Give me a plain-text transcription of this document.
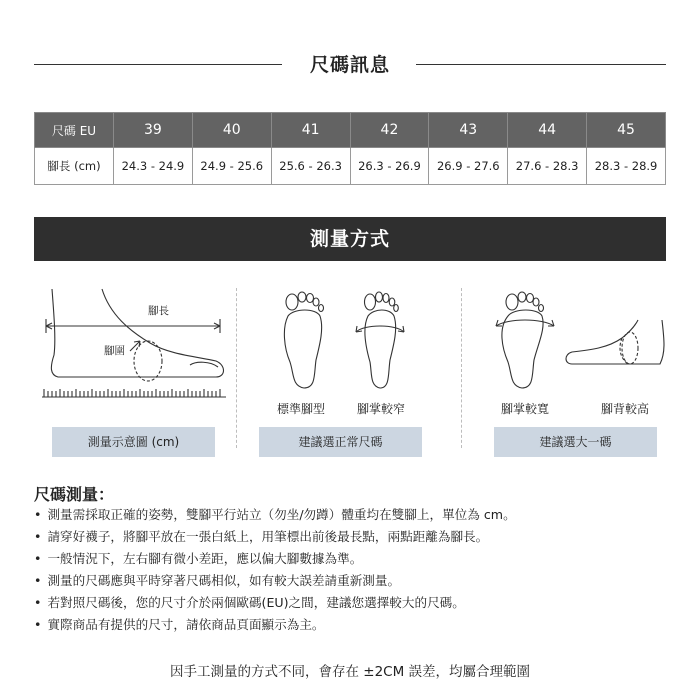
尺碼訊息
尺碼 EU	39	40	41	42	43	44	45
腳長 (cm)	24.3 - 24.9	24.9 - 25.6	25.6 - 26.3	26.3 - 26.9	26.9 - 27.6	27.6 - 28.3	28.3 - 28.9
測量方式
腳長
腳圍
標準腳型	腳掌較窄	腳掌較寬	腳背較高
測量示意圖 (cm)	建議選正常尺碼	建議選大一碼
尺碼測量：
• 測量需採取正確的姿勢，雙腳平行站立（勿坐/勿蹲）體重均在雙腳上，單位為 cm。
• 請穿好襪子，將腳平放在一張白紙上，用筆標出前後最長點，兩點距離為腳長。
• 一般情況下，左右腳有微小差距，應以偏大腳數據為準。
• 測量的尺碼應與平時穿著尺碼相似，如有較大誤差請重新測量。
• 若對照尺碼後，您的尺寸介於兩個歐碼(EU)之間，建議您選擇較大的尺碼。
• 實際商品有提供的尺寸，請依商品頁面顯示為主。
因手工測量的方式不同，會存在 ±2CM 誤差，均屬合理範圍
